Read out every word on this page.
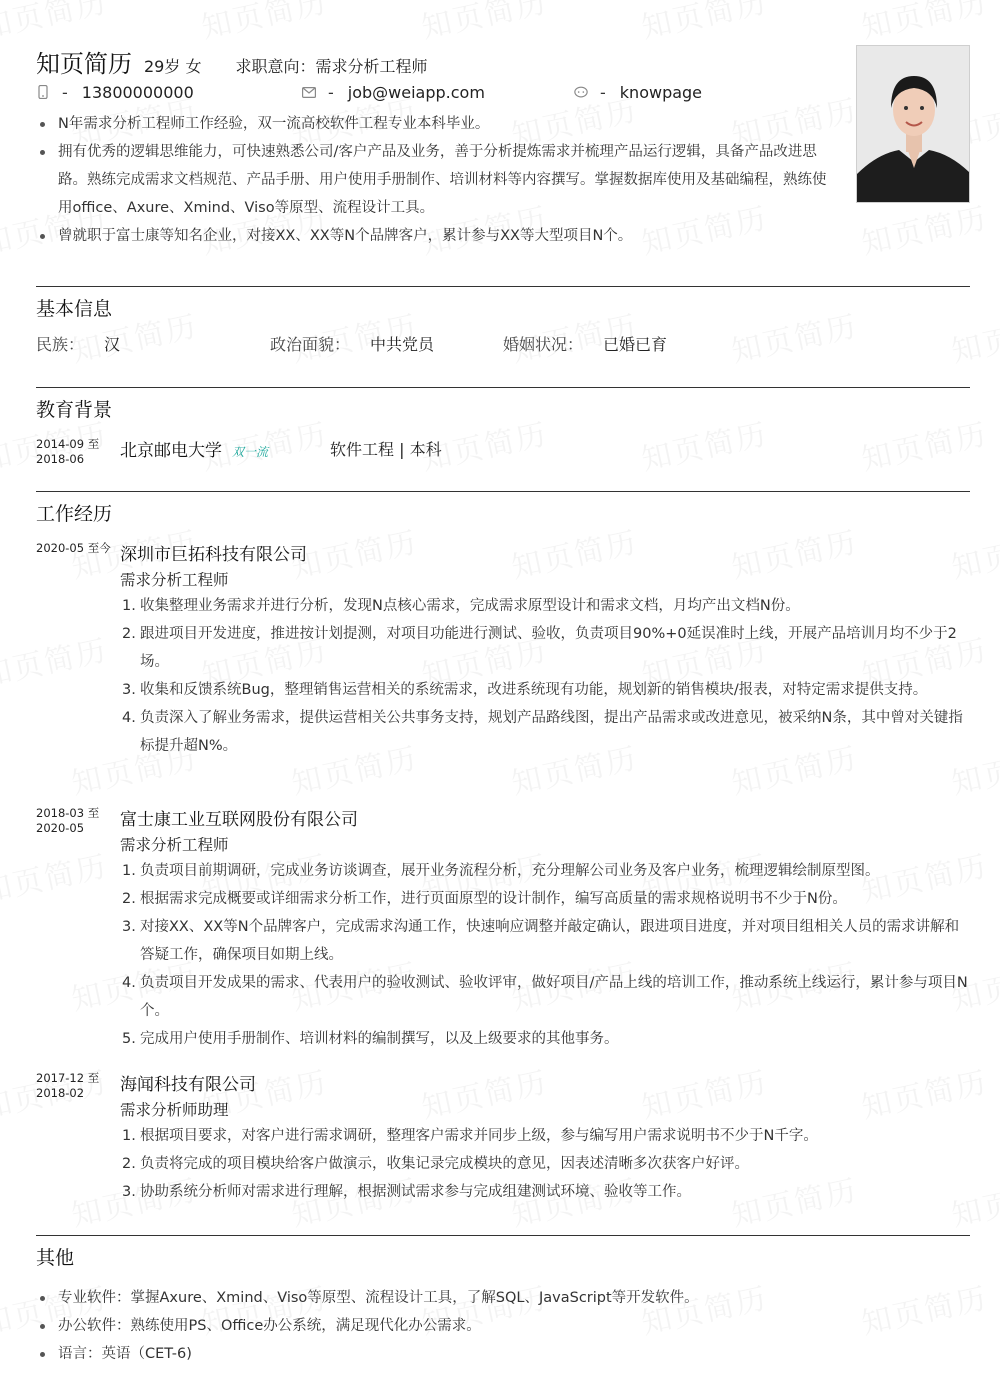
知页简历 29岁 女 求职意向：需求分析工程师
- 13800000000	- job@weiapp.com	- knowpage
N年需求分析工程师工作经验，双一流高校软件工程专业本科毕业。
拥有优秀的逻辑思维能力，可快速熟悉公司/客户产品及业务，善于分析提炼需求并梳理产品运行逻辑，具备产品改进思路。熟练完成需求文档规范、产品手册、用户使用手册制作、培训材料等内容撰写。掌握数据库使用及基础编程，熟练使用office、Axure、Xmind、Viso等原型、流程设计工具。
曾就职于富士康等知名企业，对接XX、XX等N个品牌客户，累计参与XX等大型项目N个。
基本信息
民族： 汉	政治面貌： 中共党员	婚姻状况： 已婚已育
教育背景
2014-09 至
2018-06	北京邮电大学 双一流	软件工程 | 本科
工作经历
2020-05 至今 深圳市巨拓科技有限公司
需求分析工程师
1. 收集整理业务需求并进行分析，发现N点核心需求，完成需求原型设计和需求文档，月均产出文档N份。
2. 跟进项目开发进度，推进按计划提测，对项目功能进行测试、验收，负责项目90%+0延误准时上线，开展产品培训月均不少于2场。
3. 收集和反馈系统Bug，整理销售运营相关的系统需求，改进系统现有功能，规划新的销售模块/报表，对特定需求提供支持。
4. 负责深入了解业务需求，提供运营相关公共事务支持，规划产品路线图，提出产品需求或改进意见，被采纳N条，其中曾对关键指标提升超N%。
2018-03 至
2020-05	富士康工业互联网股份有限公司
需求分析工程师
1. 负责项目前期调研，完成业务访谈调查，展开业务流程分析，充分理解公司业务及客户业务，梳理逻辑绘制原型图。
2. 根据需求完成概要或详细需求分析工作，进行页面原型的设计制作，编写高质量的需求规格说明书不少于N份。
3. 对接XX、XX等N个品牌客户，完成需求沟通工作，快速响应调整并敲定确认，跟进项目进度，并对项目组相关人员的需求讲解和答疑工作，确保项目如期上线。
4. 负责项目开发成果的需求、代表用户的验收测试、验收评审，做好项目/产品上线的培训工作，推动系统上线运行，累计参与项目N个。
5. 完成用户使用手册制作、培训材料的编制撰写，以及上级要求的其他事务。
2017-12 至
2018-02	海闻科技有限公司
需求分析师助理
1. 根据项目要求，对客户进行需求调研，整理客户需求并同步上级，参与编写用户需求说明书不少于N千字。
2. 负责将完成的项目模块给客户做演示，收集记录完成模块的意见，因表述清晰多次获客户好评。
3. 协助系统分析师对需求进行理解，根据测试需求参与完成组建测试环境、验收等工作。
其他
专业软件：掌握Axure、Xmind、Viso等原型、流程设计工具，了解SQL、JavaScript等开发软件。
办公软件：熟练使用PS、Office办公系统，满足现代化办公需求。
语言：英语（CET-6)
